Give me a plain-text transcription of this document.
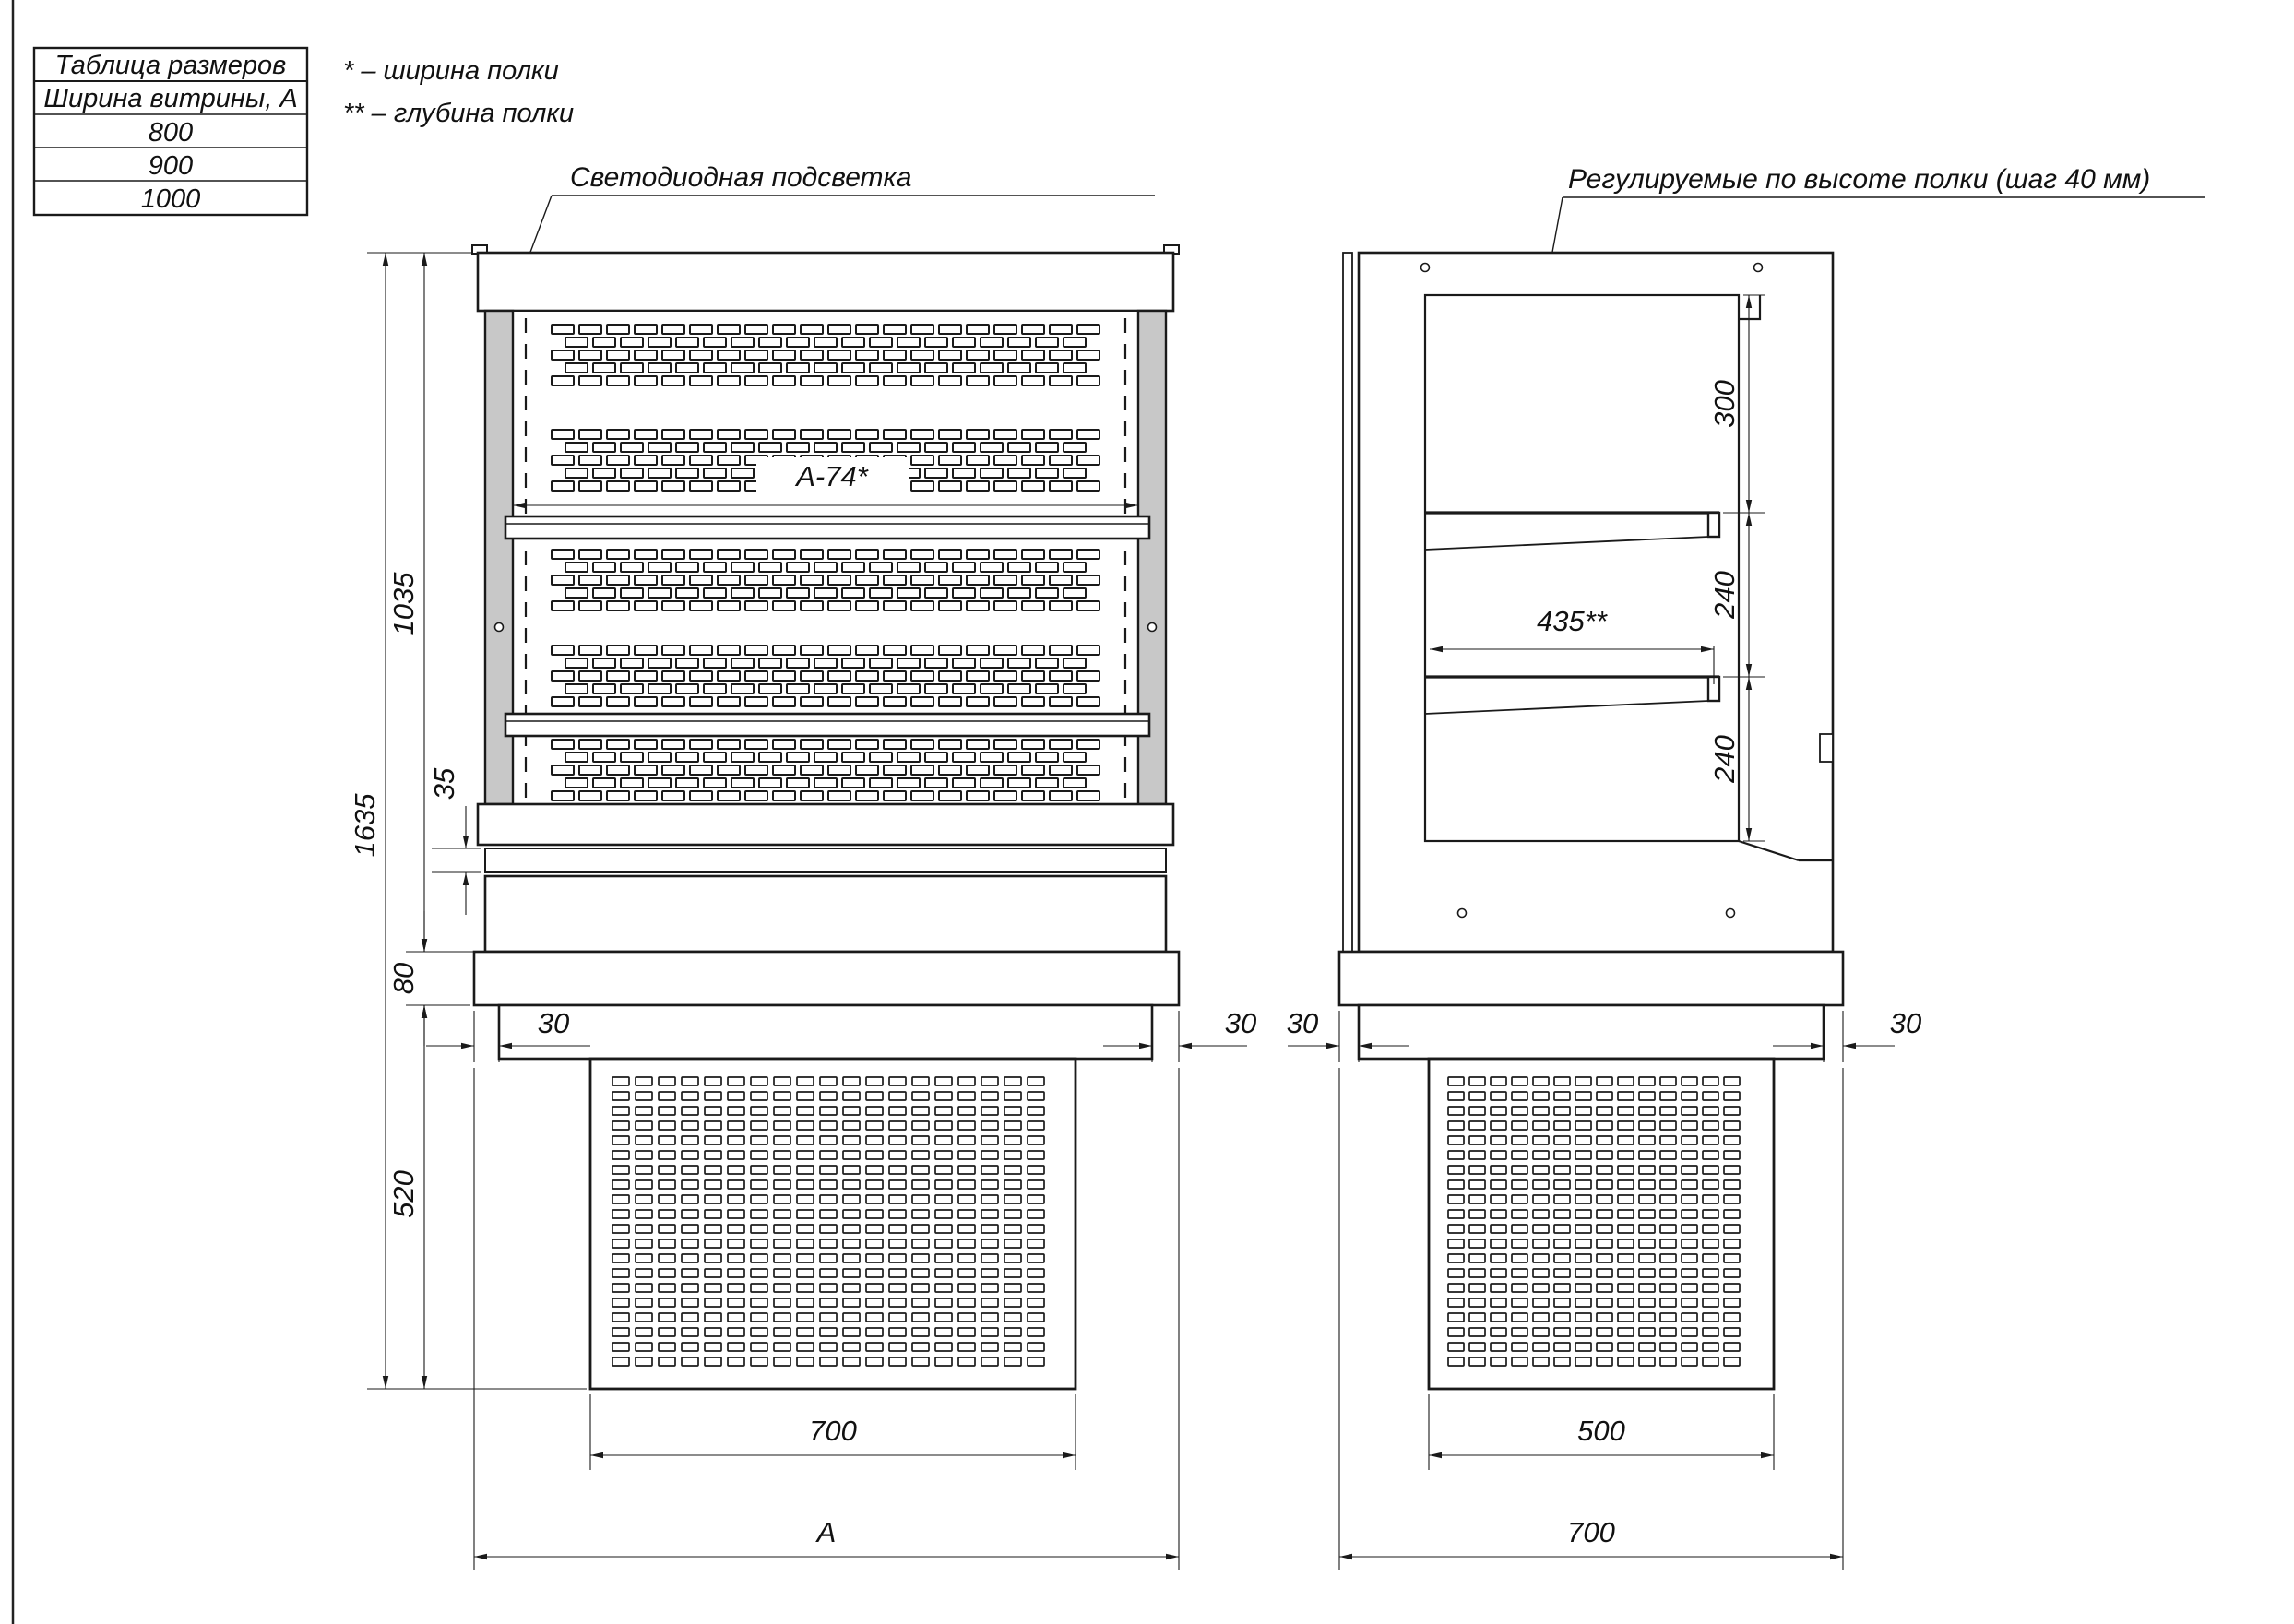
Таблица размеров
Ширина витрины, А
800
900
1000
* – ширина полки
** – глубина полки
Светодиодная подсветка	Регулируемые по высоте полки (шаг 40 мм)
А-74*
1635
1035
35
80
520
30	30
700
А
300
240
240
435**
30	30
500
700
